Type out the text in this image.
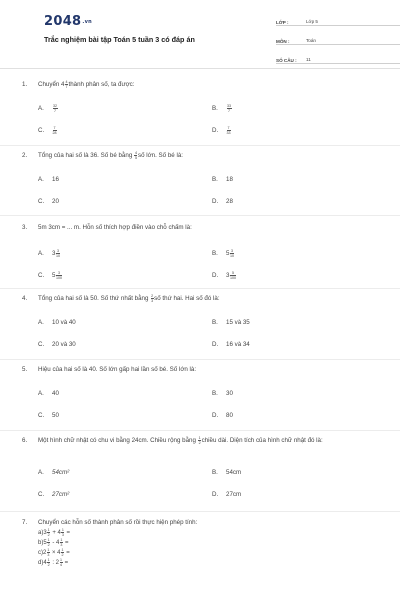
2048.vn
Trắc nghiệm bài tập Toán 5 tuần 3 có đáp án
LỚP :	Lớp 5
MÔN :	Toán
SỐ CÂU :	11
1. Chuyển $4 \frac{4}{7}$ thành phân số, ta được:
A. $\frac{32}{7}$	B. $\frac{33}{7}$
C. $\frac{7}{28}$	D. $\frac{7}{33}$
2. Tổng của hai số là 36. Số bé bằng $\frac{4}{5}$ số lớn. Số bé là:
A. 16	B. 18
C. 20	D. 28
3. 5m 3cm = ... m. Hỗn số thích hợp điền vào chỗ chấm là:
A. $3 \frac{3}{10}$	B. $5 \frac{3}{10}$
C. $5 \frac{3}{100}$	D. $3 \frac{5}{100}$
4. Tổng của hai số là 50. Số thứ nhất bằng $\frac{2}{3}$ số thứ hai. Hai số đó là:
A. 10 và 40	B. 15 và 35
C. 20 và 30	D. 16 và 34
5. Hiệu của hai số là 40. Số lớn gấp hai lần số bé. Số lớn là:
A. 40	B. 30
C. 50	D. 80
6. Một hình chữ nhật có chu vi bằng 24cm. Chiều rộng bằng $\frac{1}{2}$ chiều dài. Diện tích của hình chữ nhật đó là:
A. 54cm²	B. 54cm
C. 27cm²	D. 27cm
7. Chuyển các hỗn số thành phân số rồi thực hiện phép tính:
$a)3 \frac{1}{2} + 4 \frac{1}{3}$ =
$b)5 \frac{1}{2} - 4 \frac{1}{3}$ =
$c)2 \frac{1}{3} \times 4 \frac{1}{2}$ =
$d)4 \frac{1}{2}$ : $2 \frac{1}{4}$ =
